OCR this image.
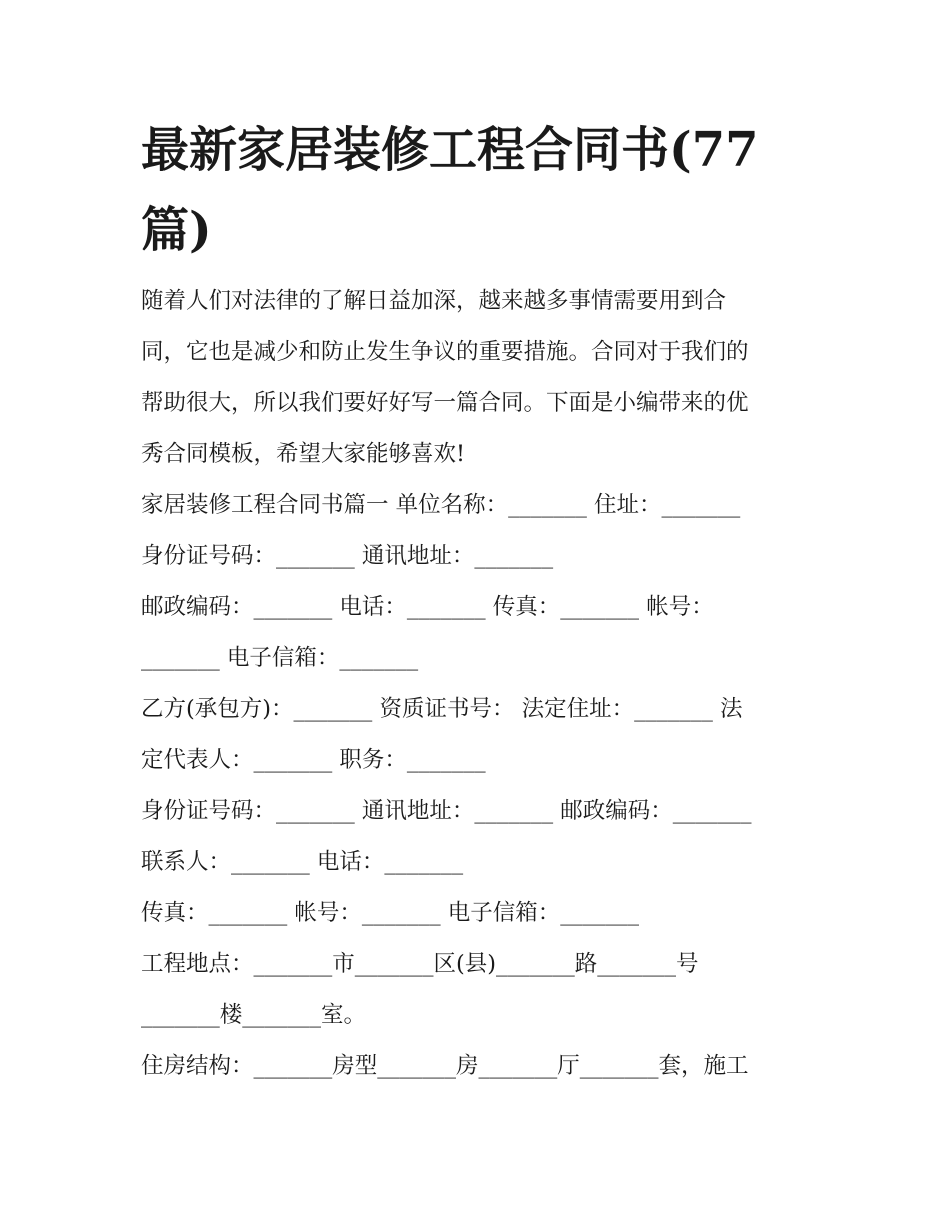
最新家居装修工程合同书(77
篇)
随着人们对法律的了解日益加深，越来越多事情需要用到合
同，它也是减少和防止发生争议的重要措施。合同对于我们的
帮助很大，所以我们要好好写一篇合同。下面是小编带来的优
秀合同模板，希望大家能够喜欢!

家居装修工程合同书篇一 单位名称：_______ 住址：_______

身份证号码：_______ 通讯地址：_______

邮政编码：_______ 电话：_______ 传真：_______ 帐号：

_______ 电子信箱：_______

乙方(承包方)：_______ 资质证书号： 法定住址：_______ 法

定代表人：_______ 职务：_______

身份证号码：_______ 通讯地址：_______ 邮政编码：_______

联系人：_______ 电话：_______

传真：_______ 帐号：_______ 电子信箱：_______

工程地点：_______市_______区(县)_______路_______号

_______楼_______室。

住房结构：_______房型_______房_______厅_______套，施工
